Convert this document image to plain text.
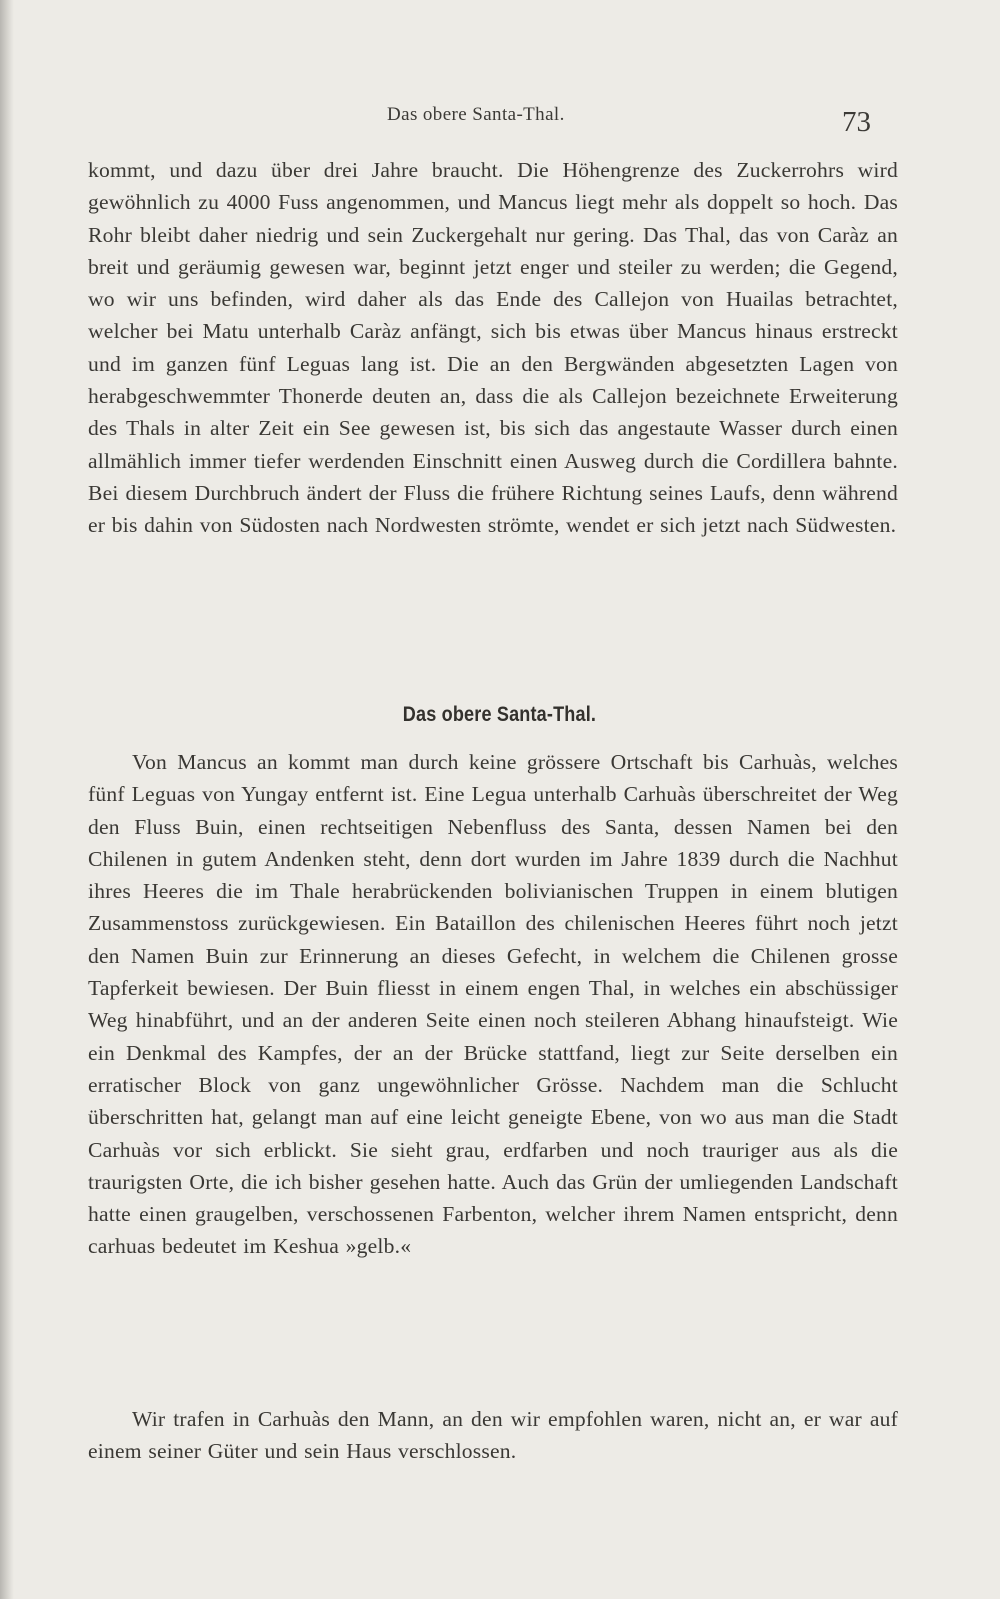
Das obere Santa-Thal.	73

kommt, und dazu über drei Jahre braucht. Die Höhengrenze des Zuckerrohrs wird gewöhnlich zu 4000 Fuss angenommen, und Mancus liegt mehr als doppelt so hoch. Das Rohr bleibt daher niedrig und sein Zuckergehalt nur gering. Das Thal, das von Caràz an breit und geräumig gewesen war, beginnt jetzt enger und steiler zu werden; die Gegend, wo wir uns befinden, wird daher als das Ende des Callejon von Huailas betrachtet, welcher bei Matu unterhalb Caràz anfängt, sich bis etwas über Mancus hinaus erstreckt und im ganzen fünf Leguas lang ist. Die an den Bergwänden abgesetzten Lagen von herabgeschwemmter Thonerde deuten an, dass die als Callejon bezeichnete Erweiterung des Thals in alter Zeit ein See gewesen ist, bis sich das angestaute Wasser durch einen allmählich immer tiefer werdenden Einschnitt einen Ausweg durch die Cordillera bahnte. Bei diesem Durchbruch ändert der Fluss die frühere Richtung seines Laufs, denn während er bis dahin von Südosten nach Nordwesten strömte, wendet er sich jetzt nach Südwesten.

Das obere Santa-Thal.

Von Mancus an kommt man durch keine grössere Ortschaft bis Carhuàs, welches fünf Leguas von Yungay entfernt ist. Eine Legua unterhalb Carhuàs überschreitet der Weg den Fluss Buin, einen rechtseitigen Nebenfluss des Santa, dessen Namen bei den Chilenen in gutem Andenken steht, denn dort wurden im Jahre 1839 durch die Nachhut ihres Heeres die im Thale herabrückenden bolivianischen Truppen in einem blutigen Zusammenstoss zurückgewiesen. Ein Bataillon des chilenischen Heeres führt noch jetzt den Namen Buin zur Erinnerung an dieses Gefecht, in welchem die Chilenen grosse Tapferkeit bewiesen. Der Buin fliesst in einem engen Thal, in welches ein abschüssiger Weg hinabführt, und an der anderen Seite einen noch steileren Abhang hinaufsteigt. Wie ein Denkmal des Kampfes, der an der Brücke stattfand, liegt zur Seite derselben ein erratischer Block von ganz ungewöhnlicher Grösse. Nachdem man die Schlucht überschritten hat, gelangt man auf eine leicht geneigte Ebene, von wo aus man die Stadt Carhuàs vor sich erblickt. Sie sieht grau, erdfarben und noch trauriger aus als die traurigsten Orte, die ich bisher gesehen hatte. Auch das Grün der umliegenden Landschaft hatte einen graugelben, verschossenen Farbenton, welcher ihrem Namen entspricht, denn carhuas bedeutet im Keshua »gelb.«

Wir trafen in Carhuàs den Mann, an den wir empfohlen waren, nicht an, er war auf einem seiner Güter und sein Haus verschlossen.
